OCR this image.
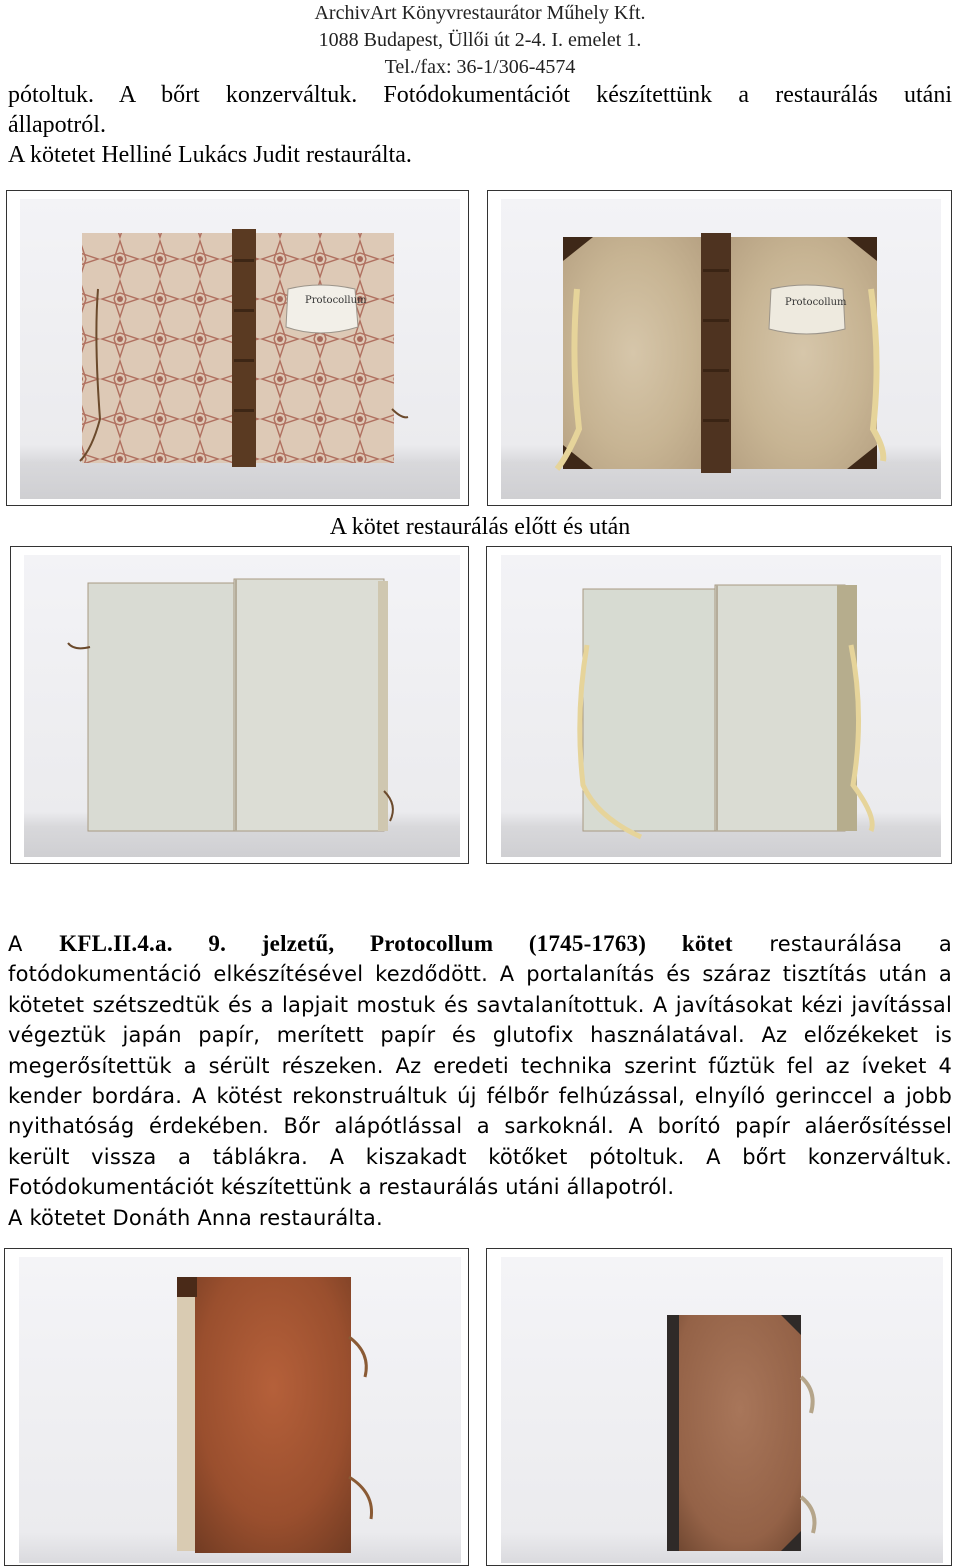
ArchivArt Könyvrestaurátor Műhely Kft.
1088 Budapest, Üllői út 2-4. I. emelet 1.
Tel./fax: 36-1/306-4574
pótoltuk. A bőrt konzerváltuk. Fotódokumentációt készítettünk a restaurálás utáni
állapotról.
A kötetet Helliné Lukács Judit restaurálta.
Protocollum	Protocollum
A kötet restaurálás előtt és után
A KFL.II.4.a. 9. jelzetű, Protocollum (1745-1763) kötet restaurálása a
fotódokumentáció elkészítésével kezdődött. A portalanítás és száraz tisztítás után a
kötetet szétszedtük és a lapjait mostuk és savtalanítottuk. A javításokat kézi javítással
végeztük japán papír, merített papír és glutofix használatával. Az előzékeket is
megerősítettük a sérült részeken. Az eredeti technika szerint fűztük fel az íveket 4
kender bordára. A kötést rekonstruáltuk új félbőr felhúzással, elnyíló gerinccel a jobb
nyithatóság érdekében. Bőr alápótlással a sarkoknál. A borító papír aláerősítéssel
került vissza a táblákra. A kiszakadt kötőket pótoltuk. A bőrt konzerváltuk.
Fotódokumentációt készítettünk a restaurálás utáni állapotról.
A kötetet Donáth Anna restaurálta.
